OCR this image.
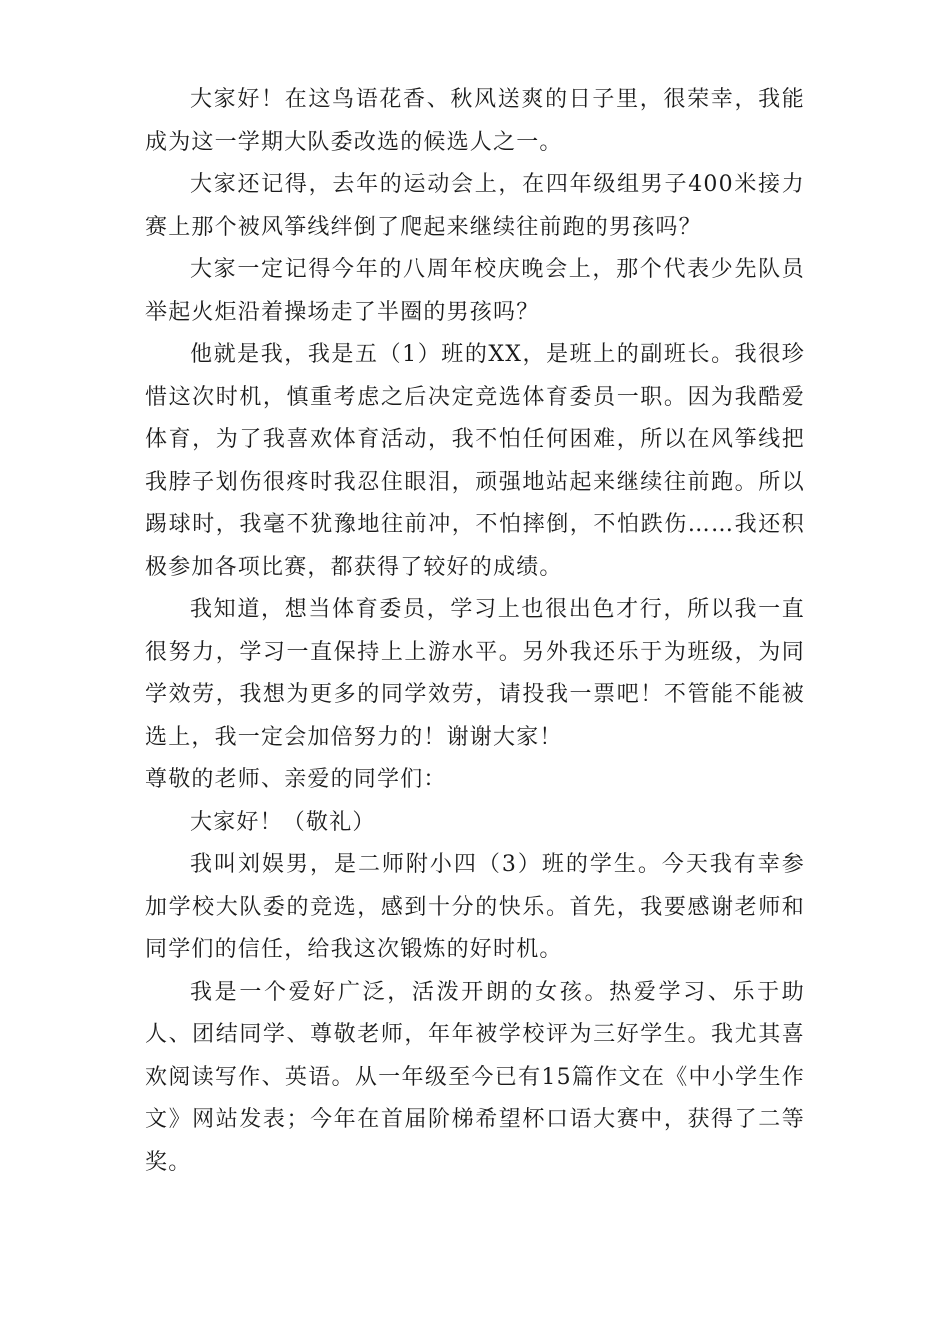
大家好！在这鸟语花香、秋风送爽的日子里，很荣幸，我能成为这一学期大队委改选的候选人之一。

大家还记得，去年的运动会上，在四年级组男子400米接力赛上那个被风筝线绊倒了爬起来继续往前跑的男孩吗？

大家一定记得今年的八周年校庆晚会上，那个代表少先队员举起火炬沿着操场走了半圈的男孩吗？

他就是我，我是五（1）班的XX，是班上的副班长。我很珍惜这次时机，慎重考虑之后决定竞选体育委员一职。因为我酷爱体育，为了我喜欢体育活动，我不怕任何困难，所以在风筝线把我脖子划伤很疼时我忍住眼泪，顽强地站起来继续往前跑。所以踢球时，我毫不犹豫地往前冲，不怕摔倒，不怕跌伤……我还积极参加各项比赛，都获得了较好的成绩。

我知道，想当体育委员，学习上也很出色才行，所以我一直很努力，学习一直保持上上游水平。另外我还乐于为班级，为同学效劳，我想为更多的同学效劳，请投我一票吧！不管能不能被选上，我一定会加倍努力的！谢谢大家！

尊敬的老师、亲爱的同学们：

大家好！（敬礼）

我叫刘娱男，是二师附小四（3）班的学生。今天我有幸参加学校大队委的竞选，感到十分的快乐。首先，我要感谢老师和同学们的信任，给我这次锻炼的好时机。

我是一个爱好广泛，活泼开朗的女孩。热爱学习、乐于助人、团结同学、尊敬老师，年年被学校评为三好学生。我尤其喜欢阅读写作、英语。从一年级至今已有15篇作文在《中小学生作文》网站发表；今年在首届阶梯希望杯口语大赛中，获得了二等奖。
